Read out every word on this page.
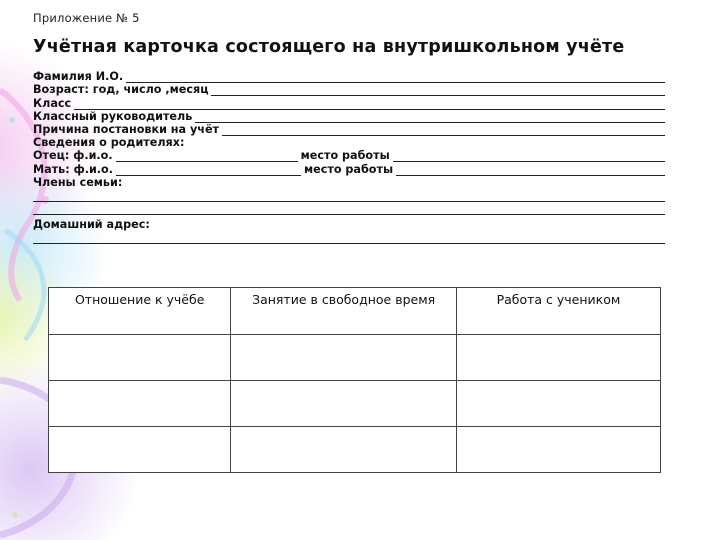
Приложение № 5
Учётная карточка состоящего на внутришкольном учёте
Фамилия И.О.
Возраст: год, число ,месяц
Класс
Классный руководитель
Причина постановки на учёт
Сведения о родителях:
Отец: ф.и.о.	место работы
Мать: ф.и.о.	место работы
Члены семьи:
Домашний адрес:
Отношение к учёбе	Занятие в свободное время	Работа с учеником
